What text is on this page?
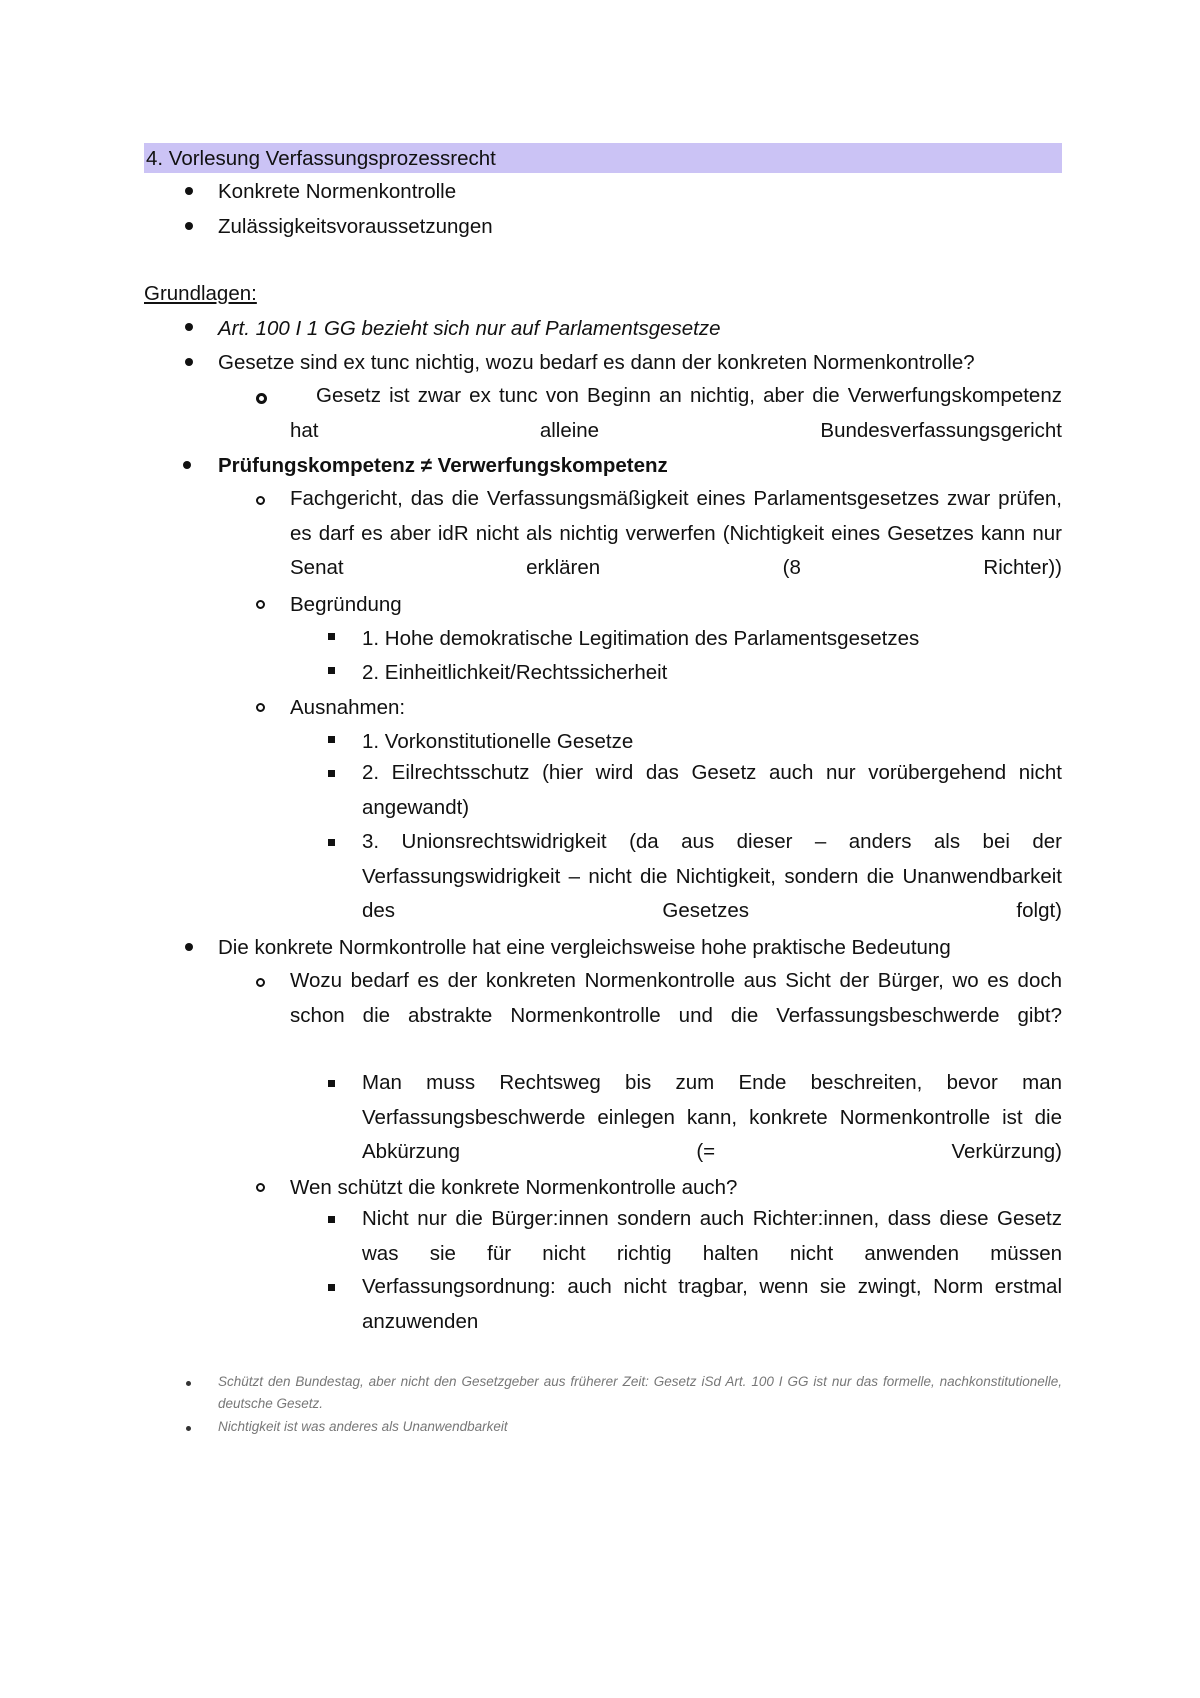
4. Vorlesung Verfassungsprozessrecht
Konkrete Normenkontrolle
Zulässigkeitsvoraussetzungen
Grundlagen:
Art. 100 I 1 GG bezieht sich nur auf Parlamentsgesetze
Gesetze sind ex tunc nichtig, wozu bedarf es dann der konkreten Normenkontrolle?
Gesetz ist zwar ex tunc von Beginn an nichtig, aber die Verwerfungskompetenz hat alleine Bundesverfassungsgericht
Prüfungskompetenz ≠ Verwerfungskompetenz
Fachgericht, das die Verfassungsmäßigkeit eines Parlamentsgesetzes zwar prüfen, es darf es aber idR nicht als nichtig verwerfen (Nichtigkeit eines Gesetzes kann nur Senat erklären (8 Richter))
Begründung
1. Hohe demokratische Legitimation des Parlamentsgesetzes
2. Einheitlichkeit/Rechtssicherheit
Ausnahmen:
1. Vorkonstitutionelle Gesetze
2. Eilrechtsschutz (hier wird das Gesetz auch nur vorübergehend nicht angewandt)
3. Unionsrechtswidrigkeit (da aus dieser – anders als bei der Verfassungswidrigkeit – nicht die Nichtigkeit, sondern die Unanwendbarkeit des Gesetzes folgt)
Die konkrete Normkontrolle hat eine vergleichsweise hohe praktische Bedeutung
Wozu bedarf es der konkreten Normenkontrolle aus Sicht der Bürger, wo es doch schon die abstrakte Normenkontrolle und die Verfassungsbeschwerde gibt?
Man muss Rechtsweg bis zum Ende beschreiten, bevor man Verfassungsbeschwerde einlegen kann, konkrete Normenkontrolle ist die Abkürzung (= Verkürzung)
Wen schützt die konkrete Normenkontrolle auch?
Nicht nur die Bürger:innen sondern auch Richter:innen, dass diese Gesetz was sie für nicht richtig halten nicht anwenden müssen
Verfassungsordnung: auch nicht tragbar, wenn sie zwingt, Norm erstmal anzuwenden
Schützt den Bundestag, aber nicht den Gesetzgeber aus früherer Zeit: Gesetz iSd Art. 100 I GG ist nur das formelle, nachkonstitutionelle, deutsche Gesetz.
Nichtigkeit ist was anderes als Unanwendbarkeit
